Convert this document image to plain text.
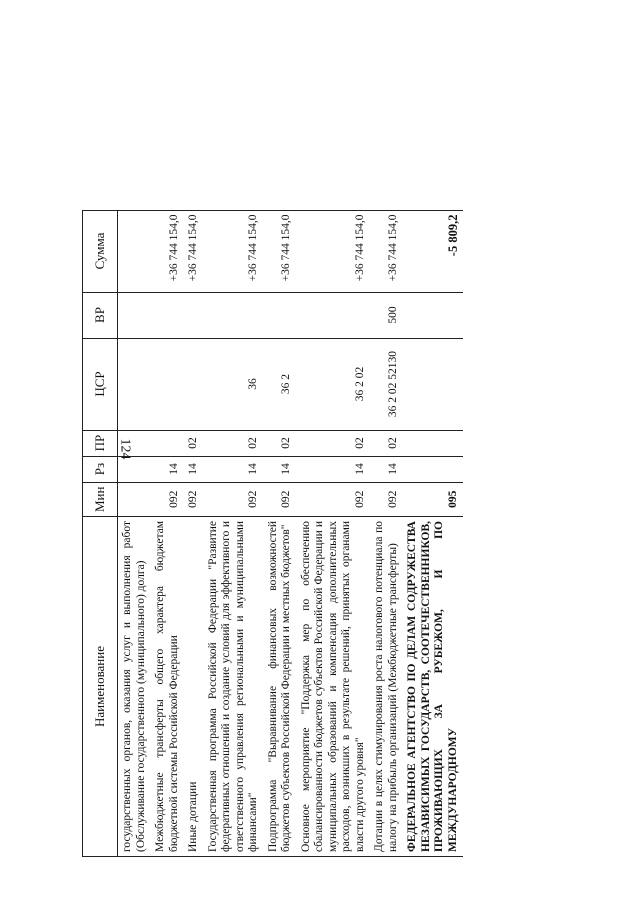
124
Наименование	Мин	Рз	ПР	ЦСР	ВР	Сумма
государственных органов, оказания услуг и выполнения работ (Обслуживание государственного (муниципального) долга)						
Межбюджетные трансферты общего характера бюджетам бюджетной системы Российской Федерации	092	14				+36 744 154,0
Иные дотации	092	14	02			+36 744 154,0
Государственная программа Российской Федерации "Развитие федеративных отношений и создание условий для эффективного и ответственного управления региональными и муниципальными финансами"	092	14	02	36		+36 744 154,0
Подпрограмма "Выравнивание финансовых возможностей бюджетов субъектов Российской Федерации и местных бюджетов"	092	14	02	36 2		+36 744 154,0
Основное мероприятие "Поддержка мер по обеспечению сбалансированности бюджетов субъектов Российской Федерации и муниципальных образований и компенсация дополнительных расходов, возникших в результате решений, принятых органами власти другого уровня"	092	14	02	36 2 02		+36 744 154,0
Дотации в целях стимулирования роста налогового потенциала по налогу на прибыль организаций (Межбюджетные трансферты)	092	14	02	36 2 02 52130	500	+36 744 154,0
ФЕДЕРАЛЬНОЕ АГЕНТСТВО ПО ДЕЛАМ СОДРУЖЕСТВА НЕЗАВИСИМЫХ ГОСУДАРСТВ, СООТЕЧЕСТВЕННИКОВ, ПРОЖИВАЮЩИХ ЗА РУБЕЖОМ, И ПО МЕЖДУНАРОДНОМУ	095					-5 809,2
